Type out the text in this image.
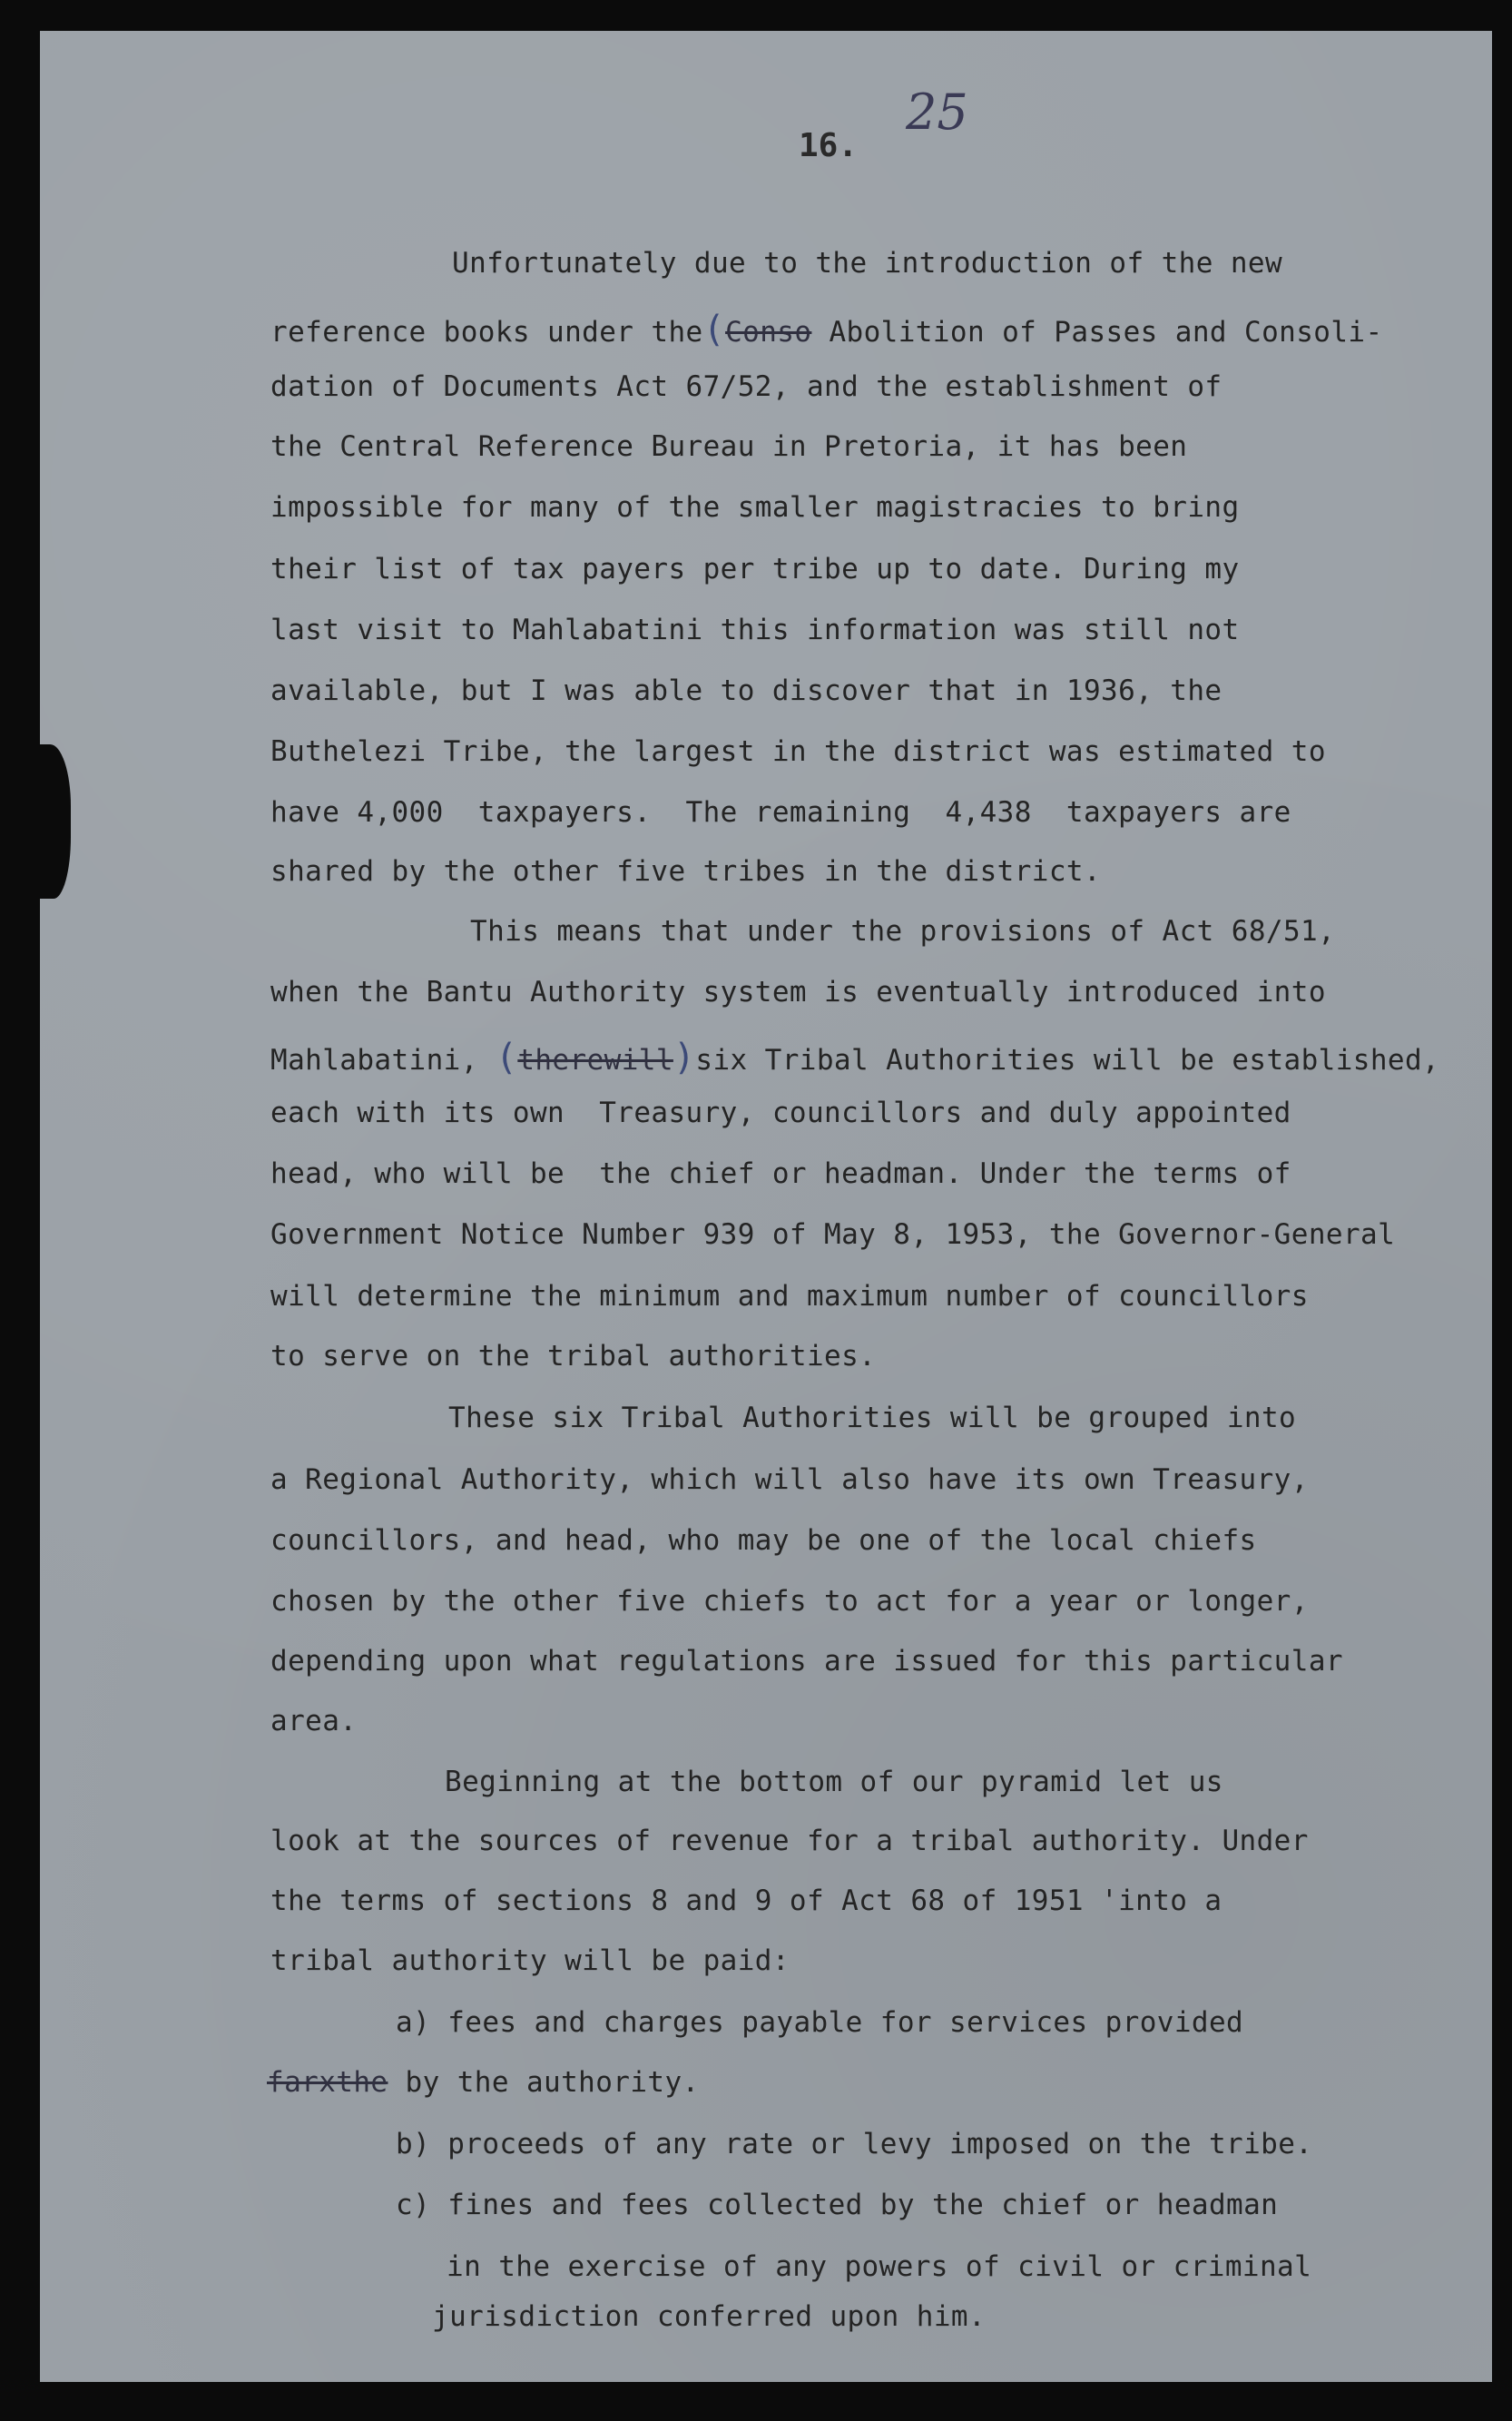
16.
25
Unfortunately due to the introduction of the new
reference books under the(Conso Abolition of Passes and Consoli-
dation of Documents Act 67/52, and the establishment of
the Central Reference Bureau in Pretoria, it has been
impossible for many of the smaller magistracies to bring
their list of tax payers per tribe up to date. During my
last visit to Mahlabatini this information was still not
available, but I was able to discover that in 1936, the
Buthelezi Tribe, the largest in the district was estimated to
have 4,000  taxpayers.  The remaining  4,438  taxpayers are
shared by the other five tribes in the district.
This means that under the provisions of Act 68/51,
when the Bantu Authority system is eventually introduced into
Mahlabatini, (therewill)six Tribal Authorities will be established,
each with its own  Treasury, councillors and duly appointed
head, who will be  the chief or headman. Under the terms of
Government Notice Number 939 of May 8, 1953, the Governor-General
will determine the minimum and maximum number of councillors
to serve on the tribal authorities.
These six Tribal Authorities will be grouped into
a Regional Authority, which will also have its own Treasury,
councillors, and head, who may be one of the local chiefs
chosen by the other five chiefs to act for a year or longer,
depending upon what regulations are issued for this particular
area.
Beginning at the bottom of our pyramid let us
look at the sources of revenue for a tribal authority. Under
the terms of sections 8 and 9 of Act 68 of 1951 'into a
tribal authority will be paid:
a) fees and charges payable for services provided
farxthe by the authority.
b) proceeds of any rate or levy imposed on the tribe.
c) fines and fees collected by the chief or headman
in the exercise of any powers of civil or criminal
jurisdiction conferred upon him.
